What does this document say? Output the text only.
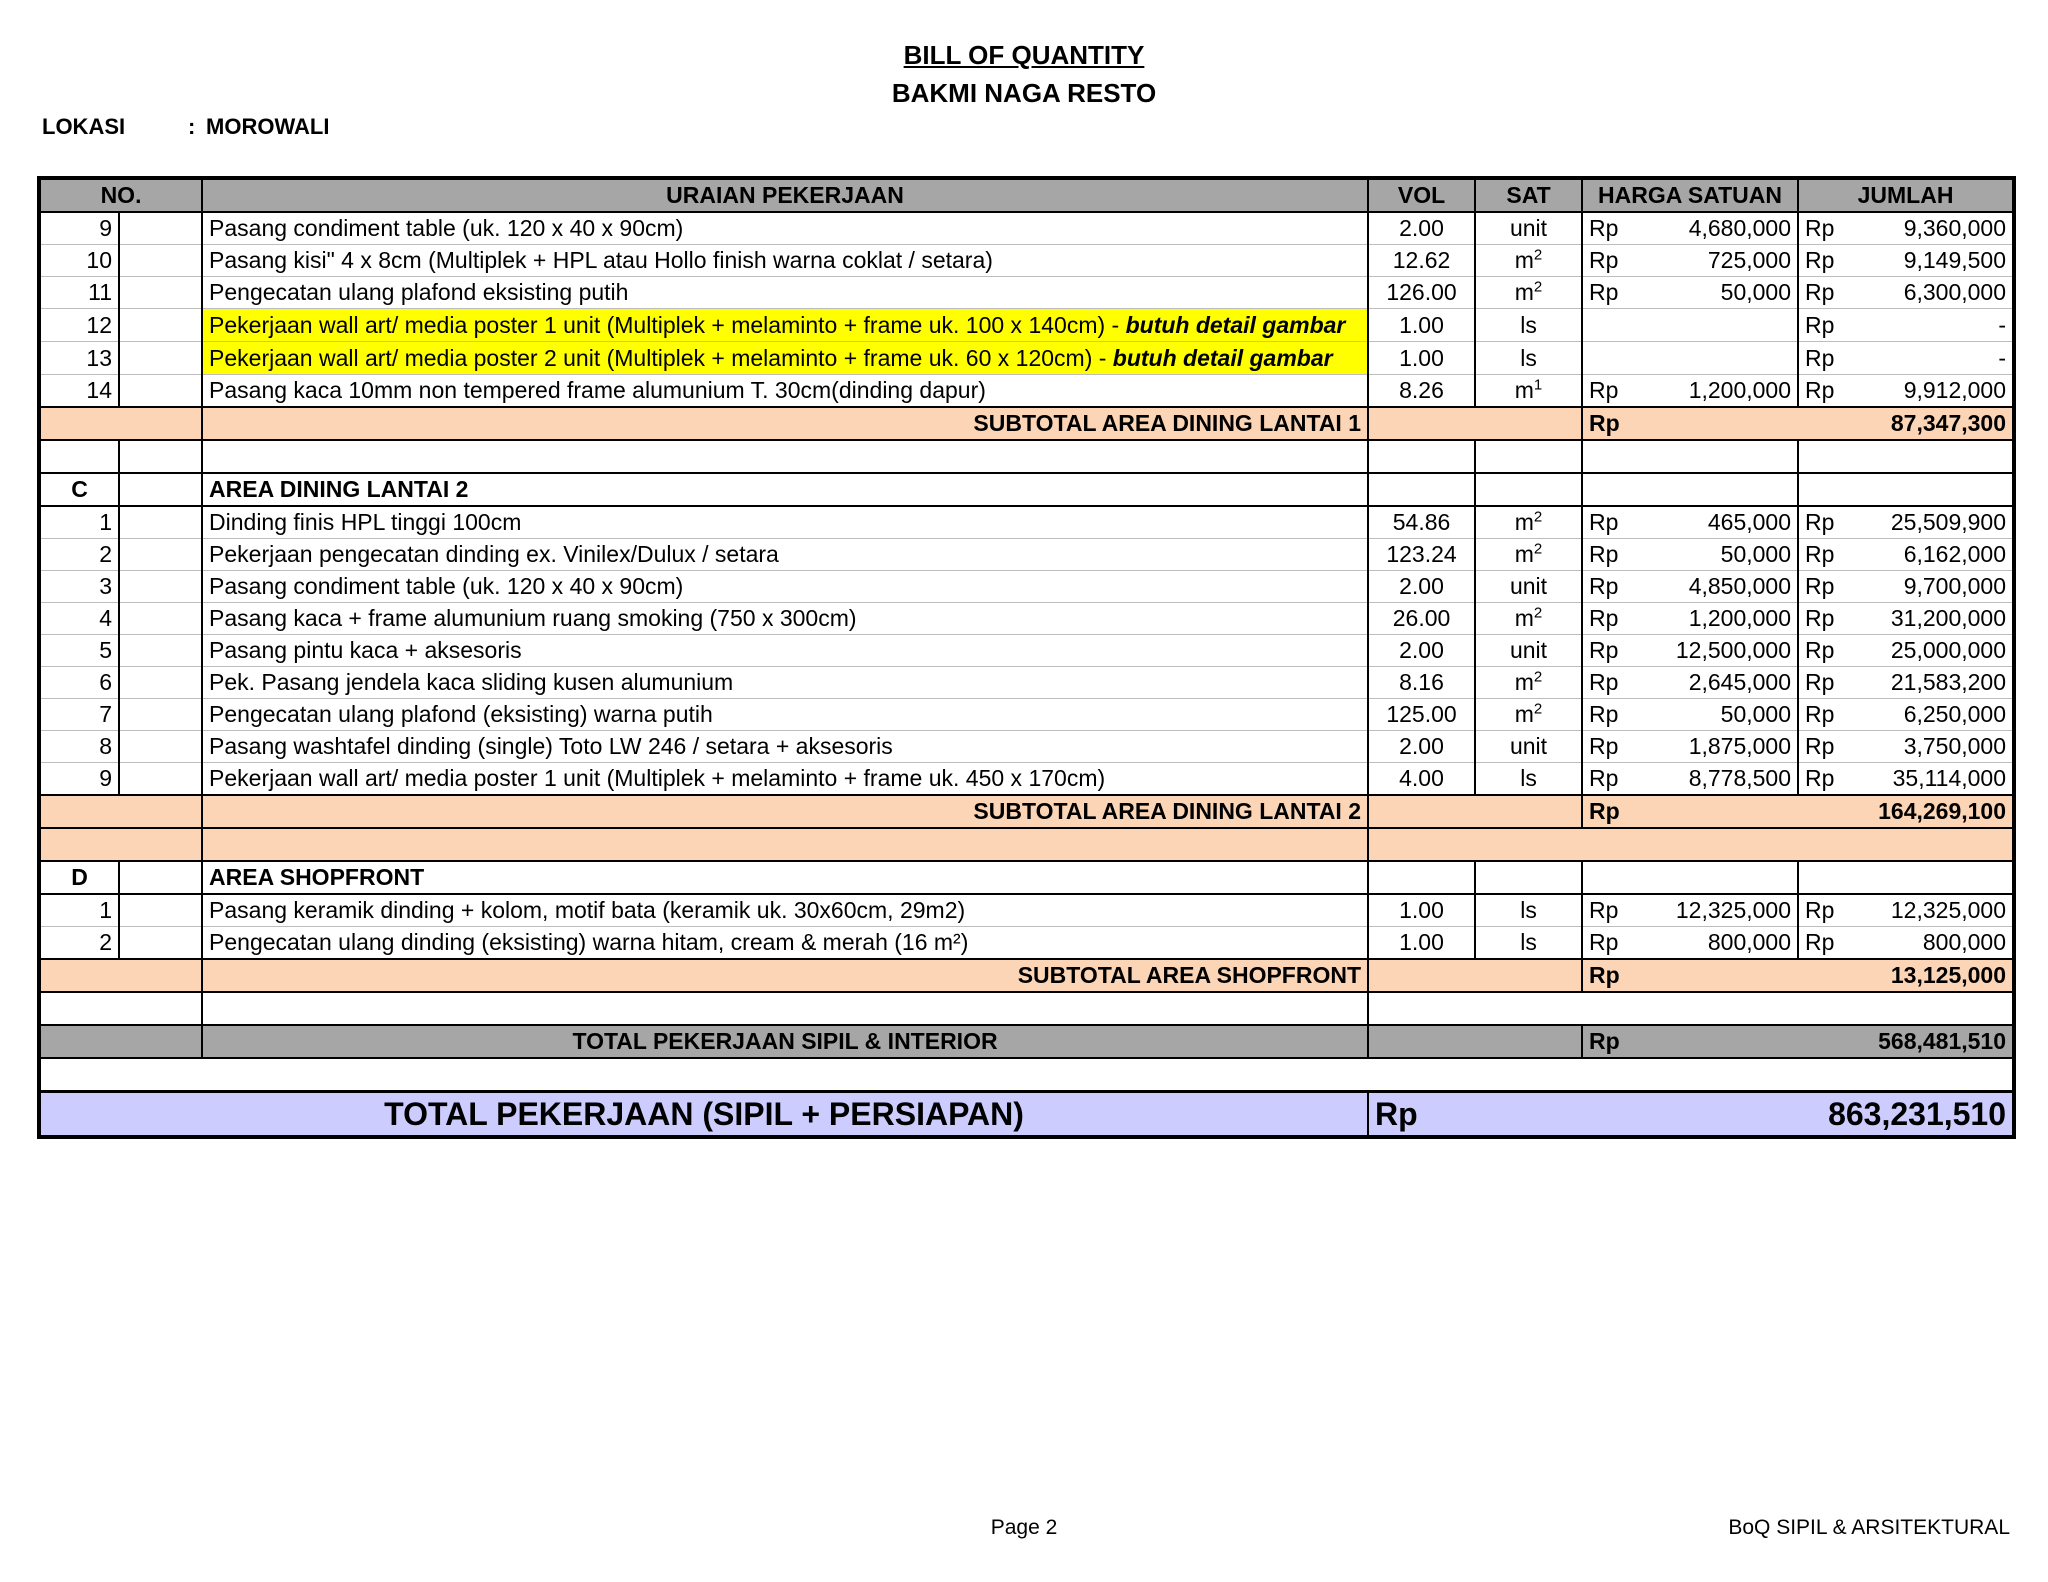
BILL OF QUANTITY
BAKMI NAGA RESTO
LOKASI	: MOROWALI
NO.		URAIAN PEKERJAAN	VOL	SAT	HARGA SATUAN	JUMLAH
9		Pasang condiment table (uk. 120 x 40 x 90cm)	2.00	unit	Rp 4,680,000	Rp 9,360,000

10		Pasang kisi" 4 x 8cm (Multiplek + HPL atau Hollo finish warna coklat / setara)	12.62	$m^2$	Rp 725,000	Rp 9,149,500

11		Pengecatan ulang plafond eksisting putih	126.00	$m^2$	Rp 50,000	Rp 6,300,000

12		Pekerjaan wall art/ media poster 1 unit (Multiplek + melaminto + frame uk. 100 x 140cm) - butuh detail gambar	1.00	ls		Rp -

13		Pekerjaan wall art/ media poster 2 unit (Multiplek + melaminto + frame uk. 60 x 120cm) - butuh detail gambar	1.00	ls		Rp -

14		Pasang kaca 10mm non tempered frame alumunium T. 30cm(dinding dapur)	8.26	$m^1$	Rp 1,200,000	Rp 9,912,000

		SUBTOTAL AREA DINING LANTAI 1			Rp 87,347,300	

C		AREA DINING LANTAI 2				
1		Dinding finis HPL tinggi 100cm	54.86	$m^2$	Rp 465,000	Rp 25,509,900

2		Pekerjaan pengecatan dinding ex. Vinilex/Dulux / setara	123.24	$m^2$	Rp 50,000	Rp 6,162,000

3		Pasang condiment table (uk. 120 x 40 x 90cm)	2.00	unit	Rp 4,850,000	Rp 9,700,000

4		Pasang kaca + frame alumunium ruang smoking (750 x 300cm)	26.00	$m^2$	Rp 1,200,000	Rp 31,200,000

5		Pasang pintu kaca + aksesoris	2.00	unit	Rp 12,500,000	Rp 25,000,000

6		Pek. Pasang jendela kaca sliding kusen alumunium	8.16	$m^2$	Rp 2,645,000	Rp 21,583,200

7		Pengecatan ulang plafond (eksisting) warna putih	125.00	$m^2$	Rp 50,000	Rp 6,250,000

8		Pasang washtafel dinding (single) Toto LW 246 / setara + aksesoris	2.00	unit	Rp 1,875,000	Rp 3,750,000

9		Pekerjaan wall art/ media poster 1 unit (Multiplek + melaminto + frame uk. 450 x 170cm)	4.00	ls	Rp 8,778,500	Rp 35,114,000

		SUBTOTAL AREA DINING LANTAI 2			Rp 164,269,100	

D		AREA SHOPFRONT				
1		Pasang keramik dinding + kolom, motif bata (keramik uk. 30x60cm, 29m2)	1.00	ls	Rp 12,325,000	Rp 12,325,000

2		Pengecatan ulang dinding (eksisting) warna hitam, cream & merah (16 m²)	1.00	ls	Rp 800,000	Rp 800,000

		SUBTOTAL AREA SHOPFRONT			Rp 13,125,000	

		TOTAL PEKERJAAN SIPIL & INTERIOR			Rp 568,481,510	

TOTAL PEKERJAAN (SIPIL + PERSIAPAN)			Rp 863,231,510			
Page 2	BoQ SIPIL & ARSITEKTURAL
